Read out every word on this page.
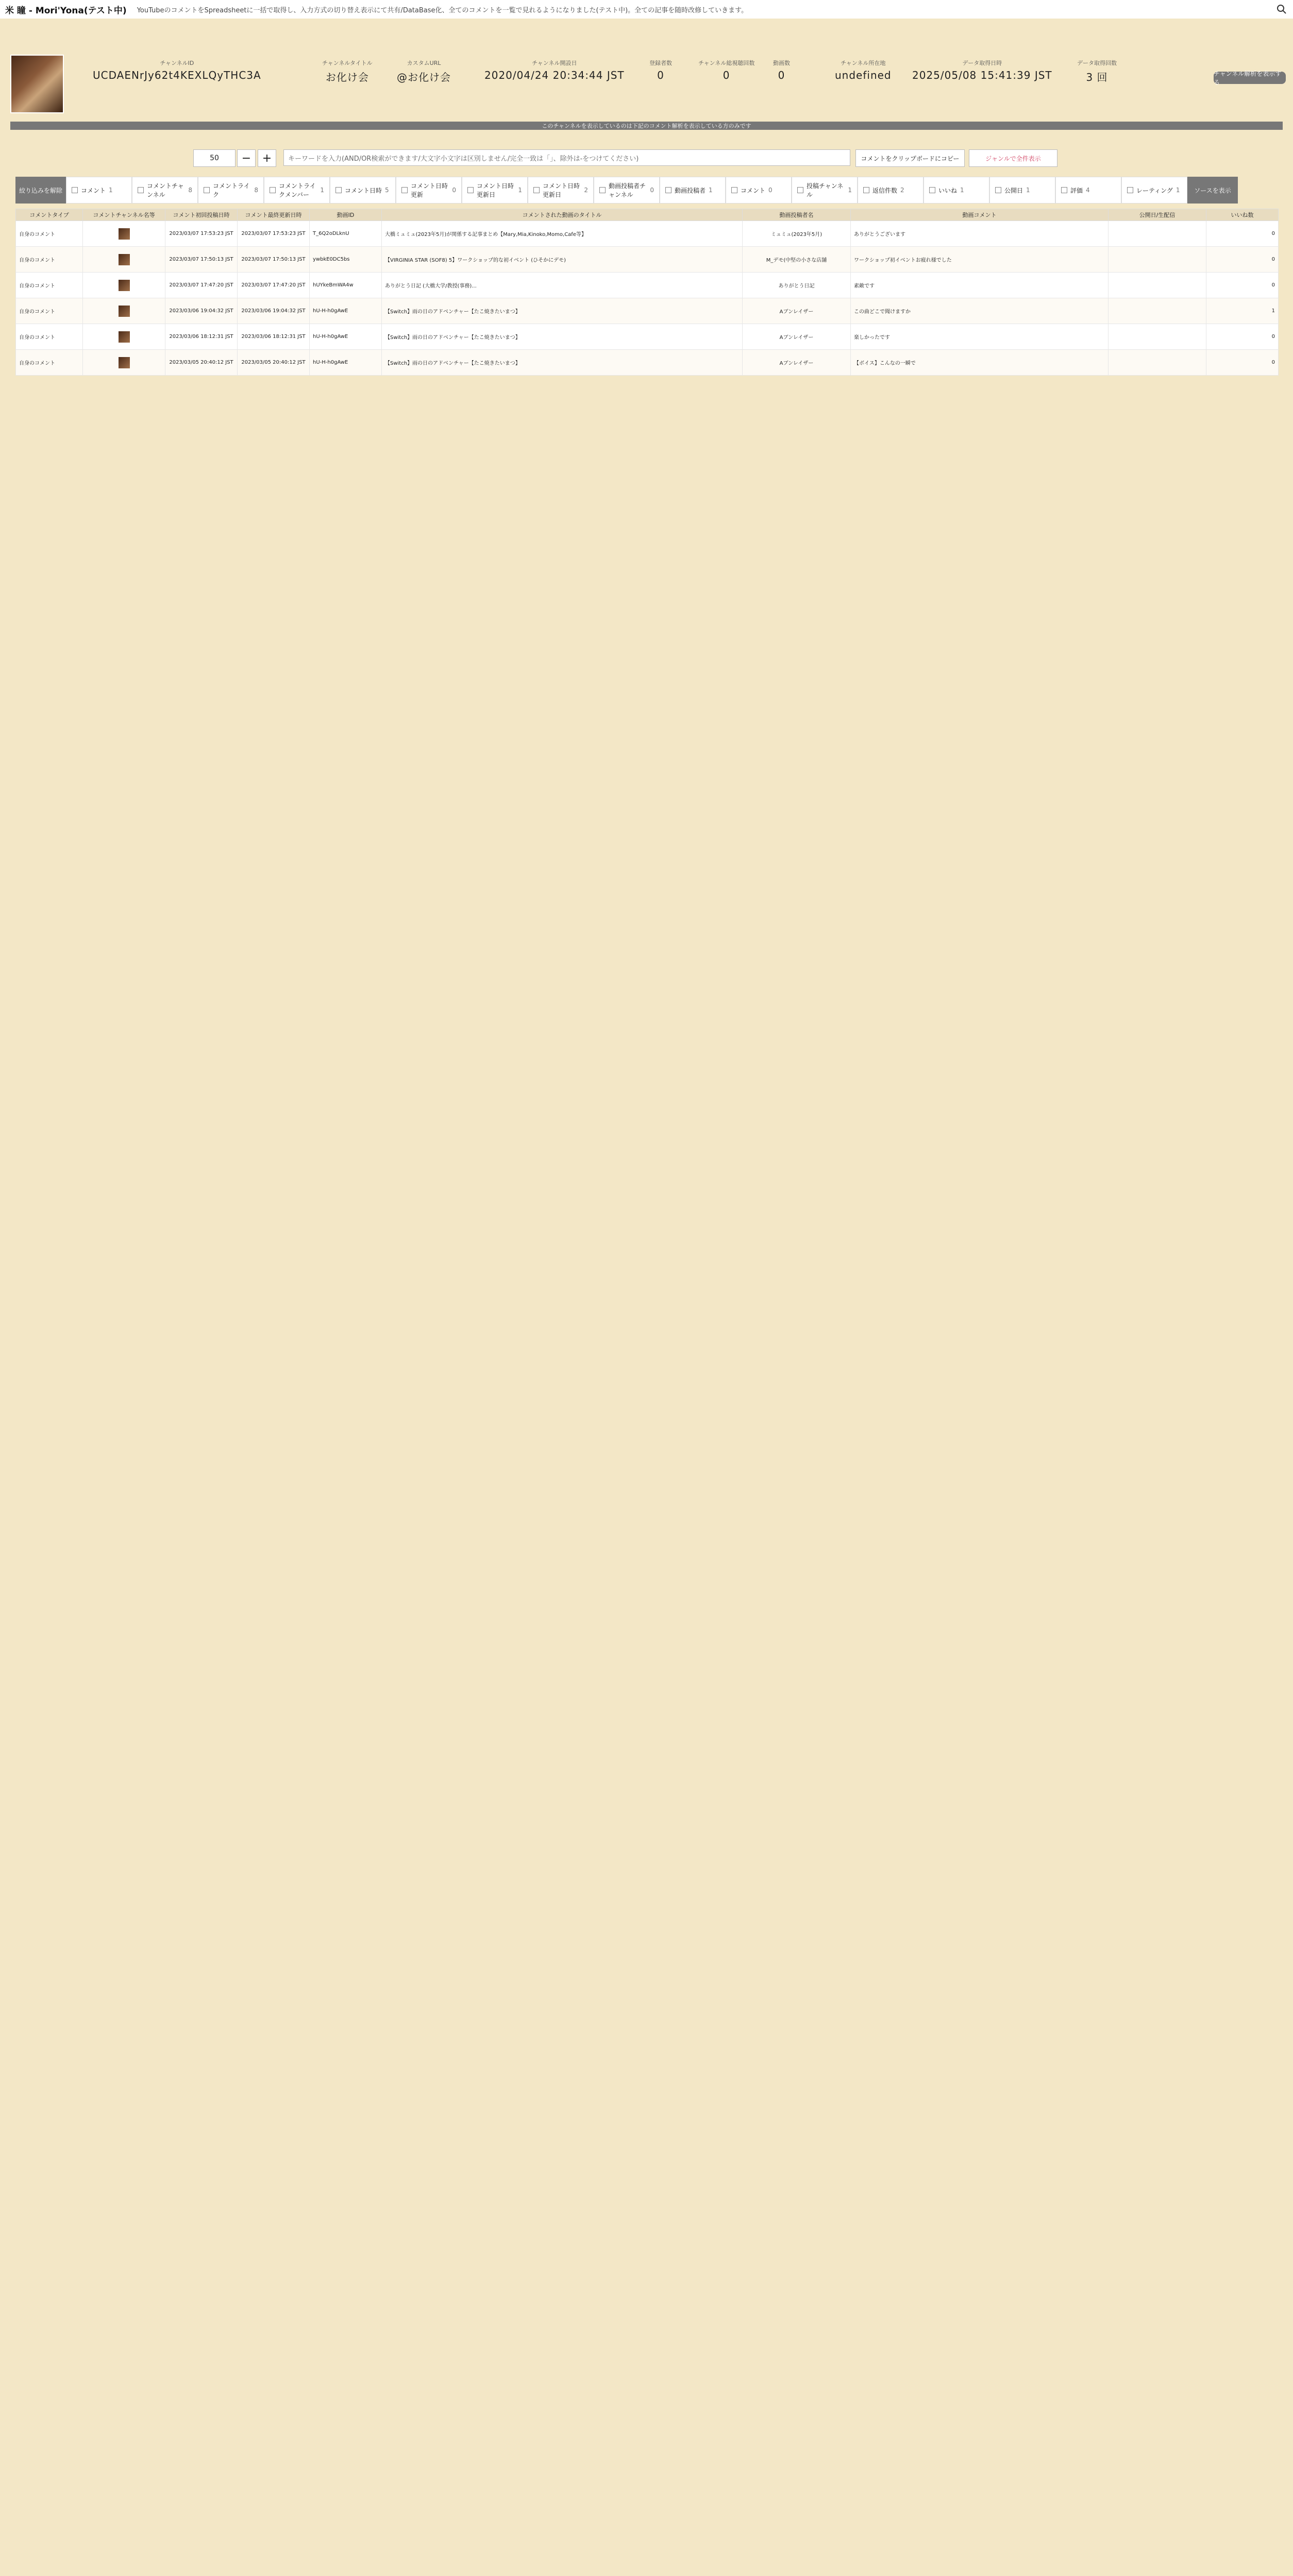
米 瞳 - Mori'Yona(テスト中) YouTubeのコメントをSpreadsheetに一括で取得し、入力方式の切り替え表示にて共有/DataBase化、全てのコメントを一覧で見れるようになりました(テスト中)。全ての記事を随時改修していきます。
チャンネルID
UCDAENrJy62t4KEXLQyTHC3A
チャンネルタイトル
お化け会
カスタムURL
@お化け会
チャンネル開設日
2020/04/24 20:34:44 JST
登録者数
0
チャンネル総視聴回数
0
動画数
0
チャンネル所在地
undefined
データ取得日時
2025/05/08 15:41:39 JST
データ取得回数
3 回	チャンネル解析を表示する
このチャンネルを表示しているのは下記のコメント解析を表示している方のみです
50	− +	キーワードを入力(AND/OR検索ができます/大文字小文字は区別しません/完全一致は「」、除外は-をつけてください)	コメントをクリップボードにコピー	ジャンルで全件表示
絞り込みを解除	コメント 1
コメントチャンネル
8
コメントライク
8
コメントライクメンバー
1	コメント日時 5
コメント日時更新
0
コメント日時更新日
1
コメント日時更新日
2
動画投稿者チャンネル
0	動画投稿者 1	コメント 0
投稿チャンネル
1	返信件数 2	いいね 1	公開日 1	評価 4	レーティング 1	ソースを表示
コメントタイプ	コメントチャンネル名等	コメント初回投稿日時	コメント最終更新日時	動画ID	コメントされた動画のタイトル	動画投稿者名	動画コメント	公開日/生配信	いいね数
自身のコメント		2023/03/07 17:53:23 JST	2023/03/07 17:53:23 JST	T_6Q2oDLknU	大橋ミュミュ(2023年5月)が関係する記事まとめ【Mary,Mia,Kinoko,Momo,Cafe等】	ミュミュ(2023年5月)	ありがとうございます		0
自身のコメント		2023/03/07 17:50:13 JST	2023/03/07 17:50:13 JST	ywbkE0DC5bs	【VIRGINIA STAR (SOF8) 5】ワークショップ的な初イベント (ひそかにデモ)	M_デモ(中堅の小さな店舗	ワークショップ初イベントお疲れ様でした		0
自身のコメント		2023/03/07 17:47:20 JST	2023/03/07 17:47:20 JST	hUYkeBmWA4w	ありがとう日記 (大橋大学/教授(事務)...	ありがとう日記	素敵です		0
自身のコメント		2023/03/06 19:04:32 JST	2023/03/06 19:04:32 JST	hU-H-h0gAwE	【Switch】雨の日のアドベンチャー【たこ焼きたいまつ】	Aブンレイザー	この曲どこで聞けますか		1
自身のコメント		2023/03/06 18:12:31 JST	2023/03/06 18:12:31 JST	hU-H-h0gAwE	【Switch】雨の日のアドベンチャー【たこ焼きたいまつ】	Aブンレイザー	楽しかったです		0
自身のコメント		2023/03/05 20:40:12 JST	2023/03/05 20:40:12 JST	hU-H-h0gAwE	【Switch】雨の日のアドベンチャー【たこ焼きたいまつ】	Aブンレイザー	【ボイス】こんなの一瞬で		0
